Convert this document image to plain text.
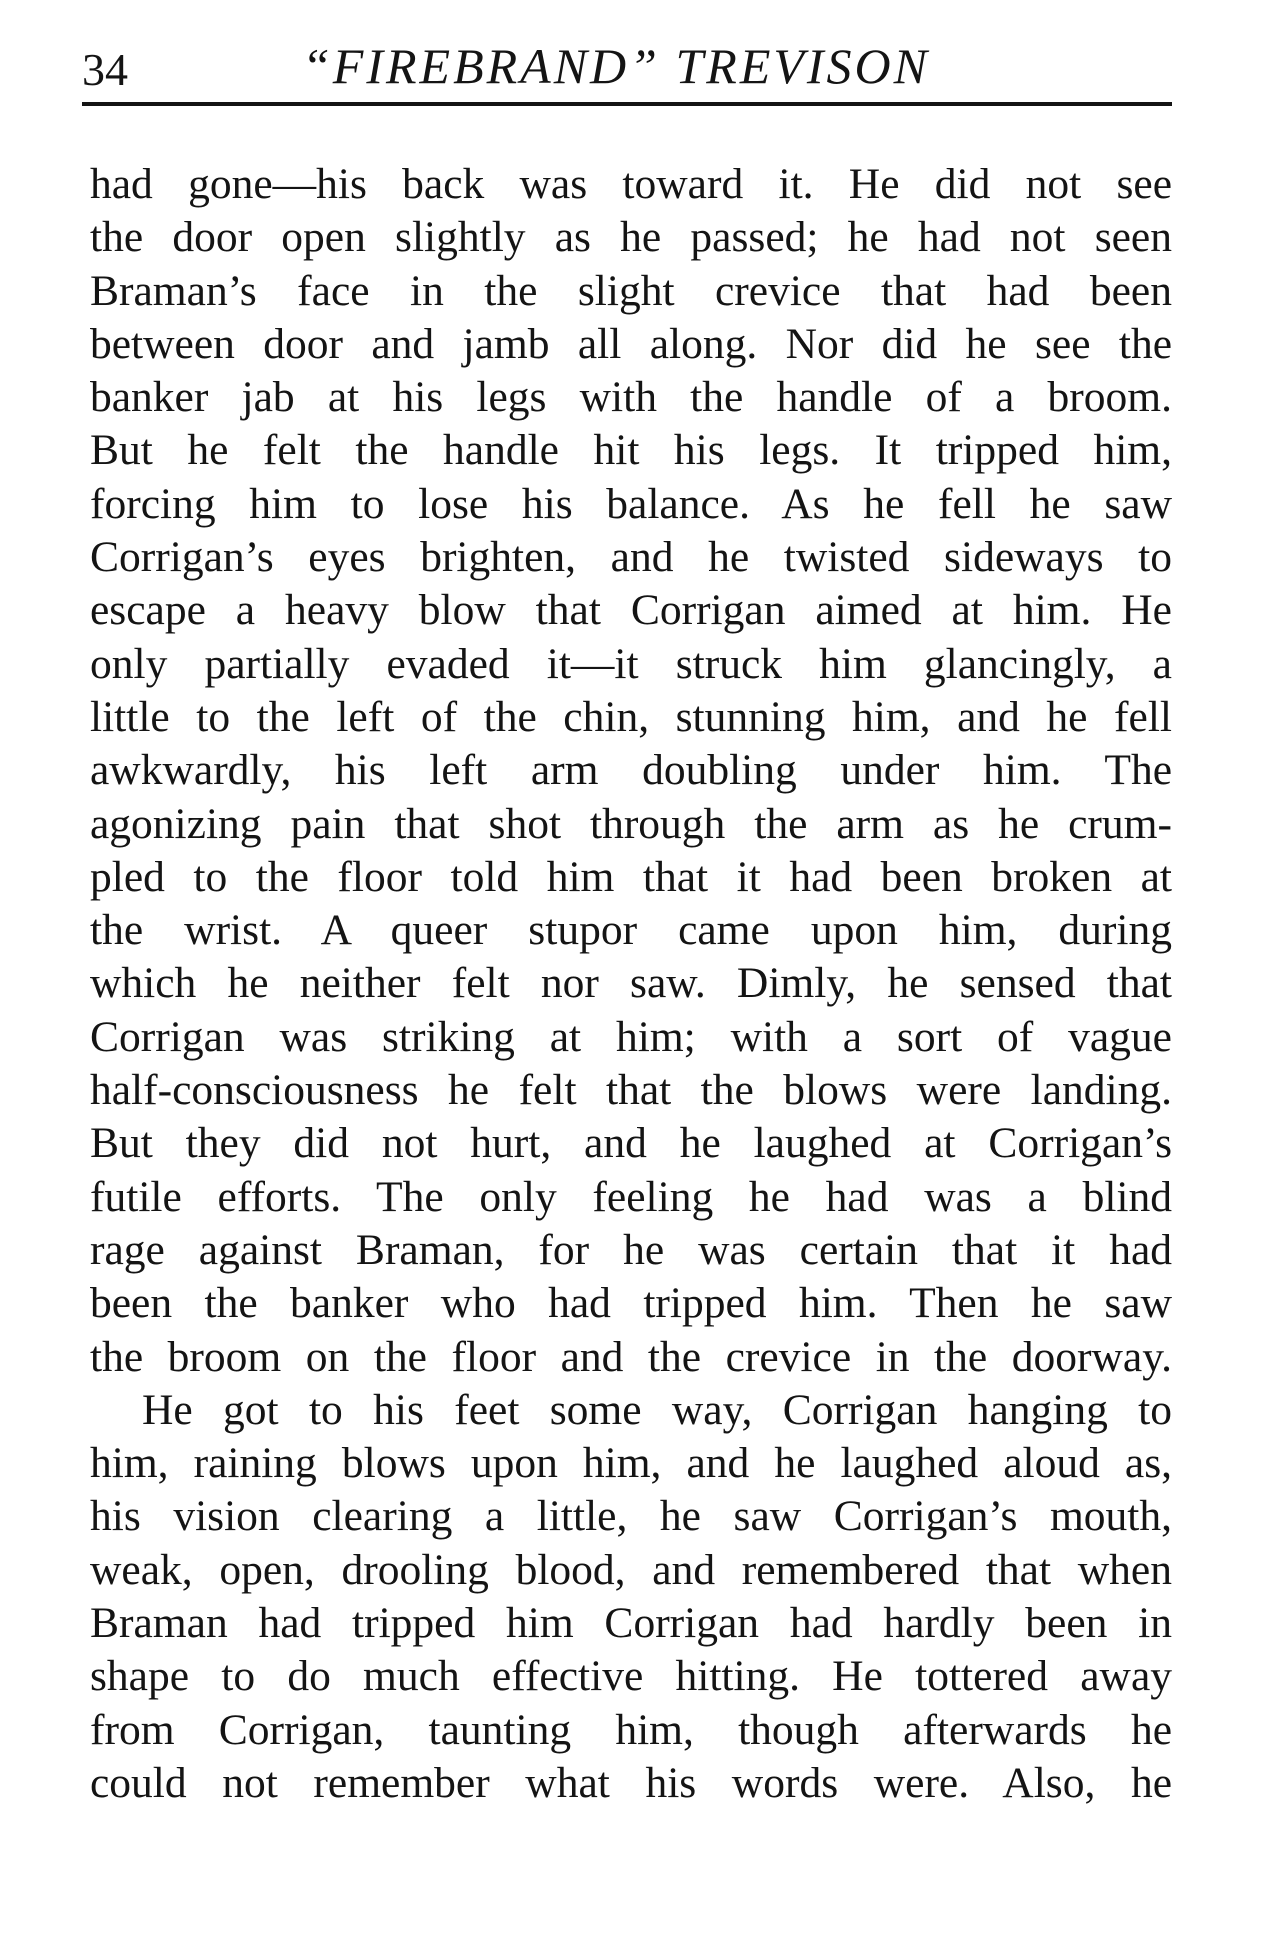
34	“FIREBRAND” TREVISON
had gone—his back was toward it. He did not see
the door open slightly as he passed; he had not seen
Braman’s face in the slight crevice that had been
between door and jamb all along. Nor did he see the
banker jab at his legs with the handle of a broom.
But he felt the handle hit his legs. It tripped him,
forcing him to lose his balance. As he fell he saw
Corrigan’s eyes brighten, and he twisted sideways to
escape a heavy blow that Corrigan aimed at him. He
only partially evaded it—it struck him glancingly, a
little to the left of the chin, stunning him, and he fell
awkwardly, his left arm doubling under him. The
agonizing pain that shot through the arm as he crum-
pled to the floor told him that it had been broken at
the wrist. A queer stupor came upon him, during
which he neither felt nor saw. Dimly, he sensed that
Corrigan was striking at him; with a sort of vague
half-consciousness he felt that the blows were landing.
But they did not hurt, and he laughed at Corrigan’s
futile efforts. The only feeling he had was a blind
rage against Braman, for he was certain that it had
been the banker who had tripped him. Then he saw
the broom on the floor and the crevice in the doorway.
He got to his feet some way, Corrigan hanging to
him, raining blows upon him, and he laughed aloud as,
his vision clearing a little, he saw Corrigan’s mouth,
weak, open, drooling blood, and remembered that when
Braman had tripped him Corrigan had hardly been in
shape to do much effective hitting. He tottered away
from Corrigan, taunting him, though afterwards he
could not remember what his words were. Also, he
